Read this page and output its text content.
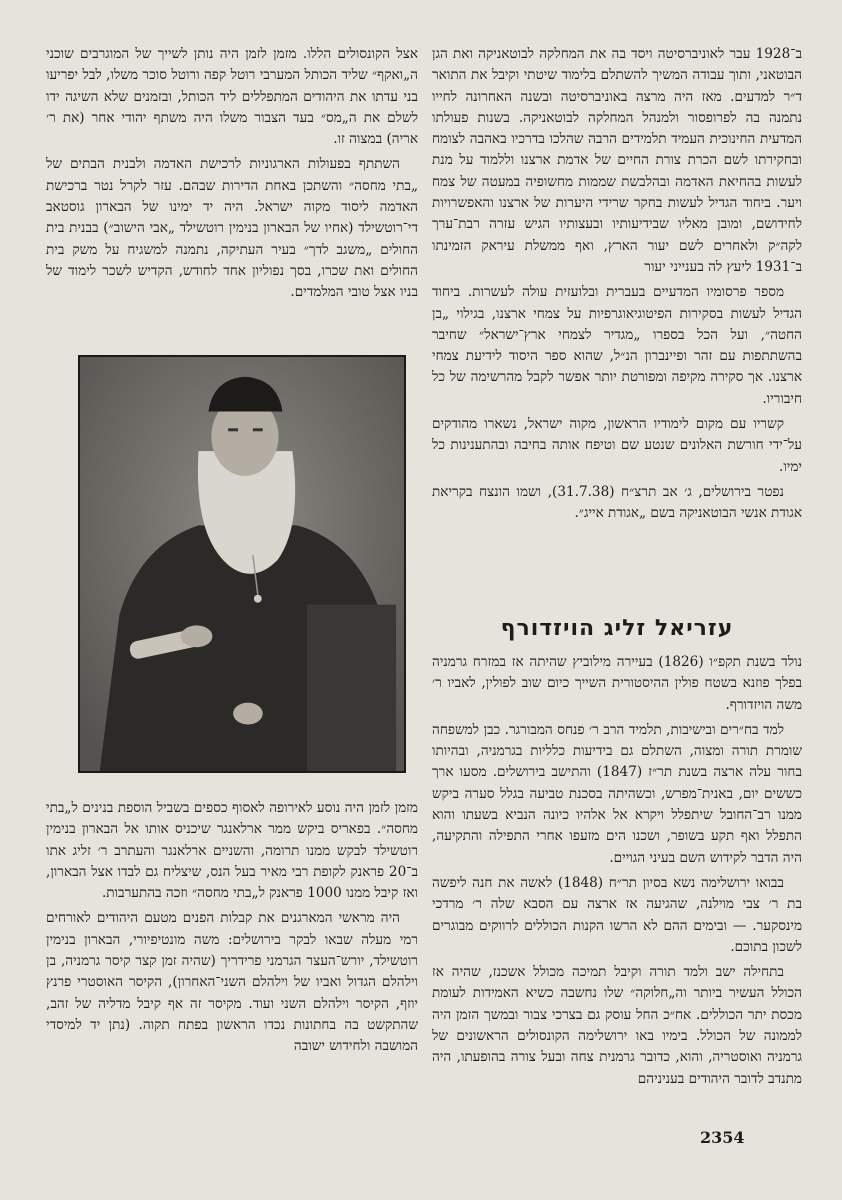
ב־1928 עבר לאוניברסיטה ויסד בה את המחלקה לבוטאניקה ואת הגן הבוטאני, ותוך עבודה המשיך להשתלם בלימוד שיטתי וקיבל את התואר ד״ר למדעים. מאז היה מרצה באוניברסיטה ובשנה האחרונה לחייו נתמנה בה לפרופסור ולמנהל המחלקה לבוטאניקה. בשנות פעולתו המדעית החינוכית העמיד תלמידים הרבה שהלכו בדרכיו באהבה לצומח ובחקירתו לשם הכרת צורת החיים של אדמת ארצנו וללמוד על מנת לעשות בהחיאת האדמה ובהלבשת שממות מחשופיה במעטה של צמח ויער. ביחוד הגדיל לעשות בחקר שרידי היערות של ארצנו והאפשרויות לחידושם, ומובן מאליו שבידיעותיו ובעצותיו הגיש עזרה רבת־ערך לקה״ק ולאחרים לשם יעור הארץ, ואף ממשלת עיראק הזמינתו ב־1931 ליעץ לה בענייני יעור

מספר פרסומיו המדעיים בעברית ובלועזית עולה לעשרות. ביחוד הגדיל לעשות בסקירות הפיטוגיאוגרפיות על צמחי ארצנו, בגילוי „בן החטה״, ועל הכל בספרו „מגדיר לצמחי ארץ־ישראל״ שחיבר בהשתתפות עם זהר ופיינברון הנ״ל, שהוא ספר היסוד לידיעת צמחי ארצנו. אך סקירה מקיפה ומפורטת יותר אפשר לקבל מהרשימה של כל חיבוריו.

קשריו עם מקום לימודיו הראשון, מקוה ישראל, נשארו מהודקים על־ידי חורשת האלונים שנטע שם וטיפח אותה בחיבה ובהתענינות כל ימיו.

נפטר בירושלים, ג׳ אב תרצ״ח (31.7.38), ושמו הונצח בקריאת אגודת אנשי הבוטאניקה בשם „אגודת אייג״.

עזריאל זליג הויזדורף

נולד בשנת תקפ״ו (1826) בעיירה מילוביץ שהיתה אז במזרח גרמניה בפלך פוזנא בשטח פולין ההיסטורית השייך כיום שוב לפולין, לאביו ר׳ משה הויזדורף.

למד בח״רים ובישיבות, תלמיד הרב ר׳ פנחס המבורגר. כבן למשפחה שומרת תורה ומצוה, השתלם גם בידיעות כלליות בגרמניה, ובהיותו בחור עלה ארצה בשנת תר״ז (1847) והתישב בירושלים. מסעו ארך כששים יום, באנית־מפרש, וכשהיתה בסכנת טביעה בגלל סערה ביקש ממנו רב־החובל שיתפלל ויקרא אל אלהיו כיונה הנביא בשעתו והוא התפלל ואף תקע בשופר, ושכנו הים מזעפו אחרי התפילה והתקיעה, היה הדבר לקידוש השם בעיני הגויים.

בבואו ירושלימה נשא בסיון תר״ח (1848) לאשה את חנה ליפשה בת ר׳ צבי מוילנה, שהגיעה אז ארצה עם הסבא שלה ר׳ מרדכי מינסקער. — ובימים ההם לא הרשו הקנות הכוללים לרווקים מבוגרים לשכון בתוכם.

בתחילה ישב ולמד תורה וקיבל תמיכה מכולל אשכנז, שהיה אז הכולל העשיר ביותר וה„חלוקה״ שלו נחשבה כשיא האמידות לעומת מכסת יתר הכוללים. אח״כ החל עוסק גם בצרכי צבור ובמשך הזמן היה לממונה של הכולל. בימיו באו ירושלימה הקונסולים הראשונים של גרמניה ואוסטריה, והוא, כדובר גרמנית צחה ובעל צורה בהופעתו, היה מתנדב לדובר היהודים בעניניהם

אצל הקונסולים הללו. מזמן לזמן היה נותן לשייך של המוגרבים שוכני ה„ואקף״ שליד הכותל המערבי רוטל קפה ורוטל סוכר משלו, לבל יפריעו בני עדתו את היהודים המתפללים ליד הכותל, ובזמנים שלא השיגה ידו לשלם את ה„מס״ בעד הצבור משלו היה משתף יהודי אחר (את ר׳ אריה) במצוה זו.

השתתף בפעולות הארגוניות לרכישת האדמה ולבנית הבתים של „בתי מחסה״ והשתכן באחת הדירות שבהם. עזר לקרל נטר ברכישת האדמה ליסוד מקוה ישראל. היה יד ימינו של הבארון גוסטאב די־רוטשילד (אחיו של הבארון בנימין רוטשילד „אבי הישוב״) בבנית בית החולים „משגב לדך״ בעיר העתיקה, נתמנה למשגיח על משק בית החולים ואת שכרו, בסך נפוליון אחד לחודש, הקדיש לשכר לימוד של בניו אצל טובי המלמדים.

מזמן לזמן היה נוסע לאירופה לאסוף כספים בשביל הוספת בנינים ל„בתי מחסה״. בפאריס ביקש ממר ארלאנגר שיכניס אותו אל הבארון בנימין רוטשילד לבקש ממנו תרומה, והשניים ארלאנגר והעתרב ר׳ זליג אתו ב־20 פראנק לקופת רבי מאיר בעל הנס, שיצליח גם לבדו אצל הבארון, ואז קיבל ממנו 1000 פראנק ל„בתי מחסה״ וזכה בהתערבות.

היה מראשי המארגנים את קבלות הפנים מטעם היהודים לאורחים רמי מעלה שבאו לבקר בירושלים: משה מונטיפיורי, הבארון בנימין רוטשילד, יורש־העצר הגרמני פרידריך (שהיה זמן קצר קיסר גרמניה, בן וילהלם הגדול ואביו של וילהלם השני־האחרון), הקיסר האוסטרי פרנץ יוזף, הקיסר וילהלם השני ועוד. מקיסר זה אף קיבל מדליה של זהב, שהתקשט בה בחתונות נכדו הראשון בפתח תקוה. (נתן יד למיסדי המושבה ולחידוש ישובה

2354
